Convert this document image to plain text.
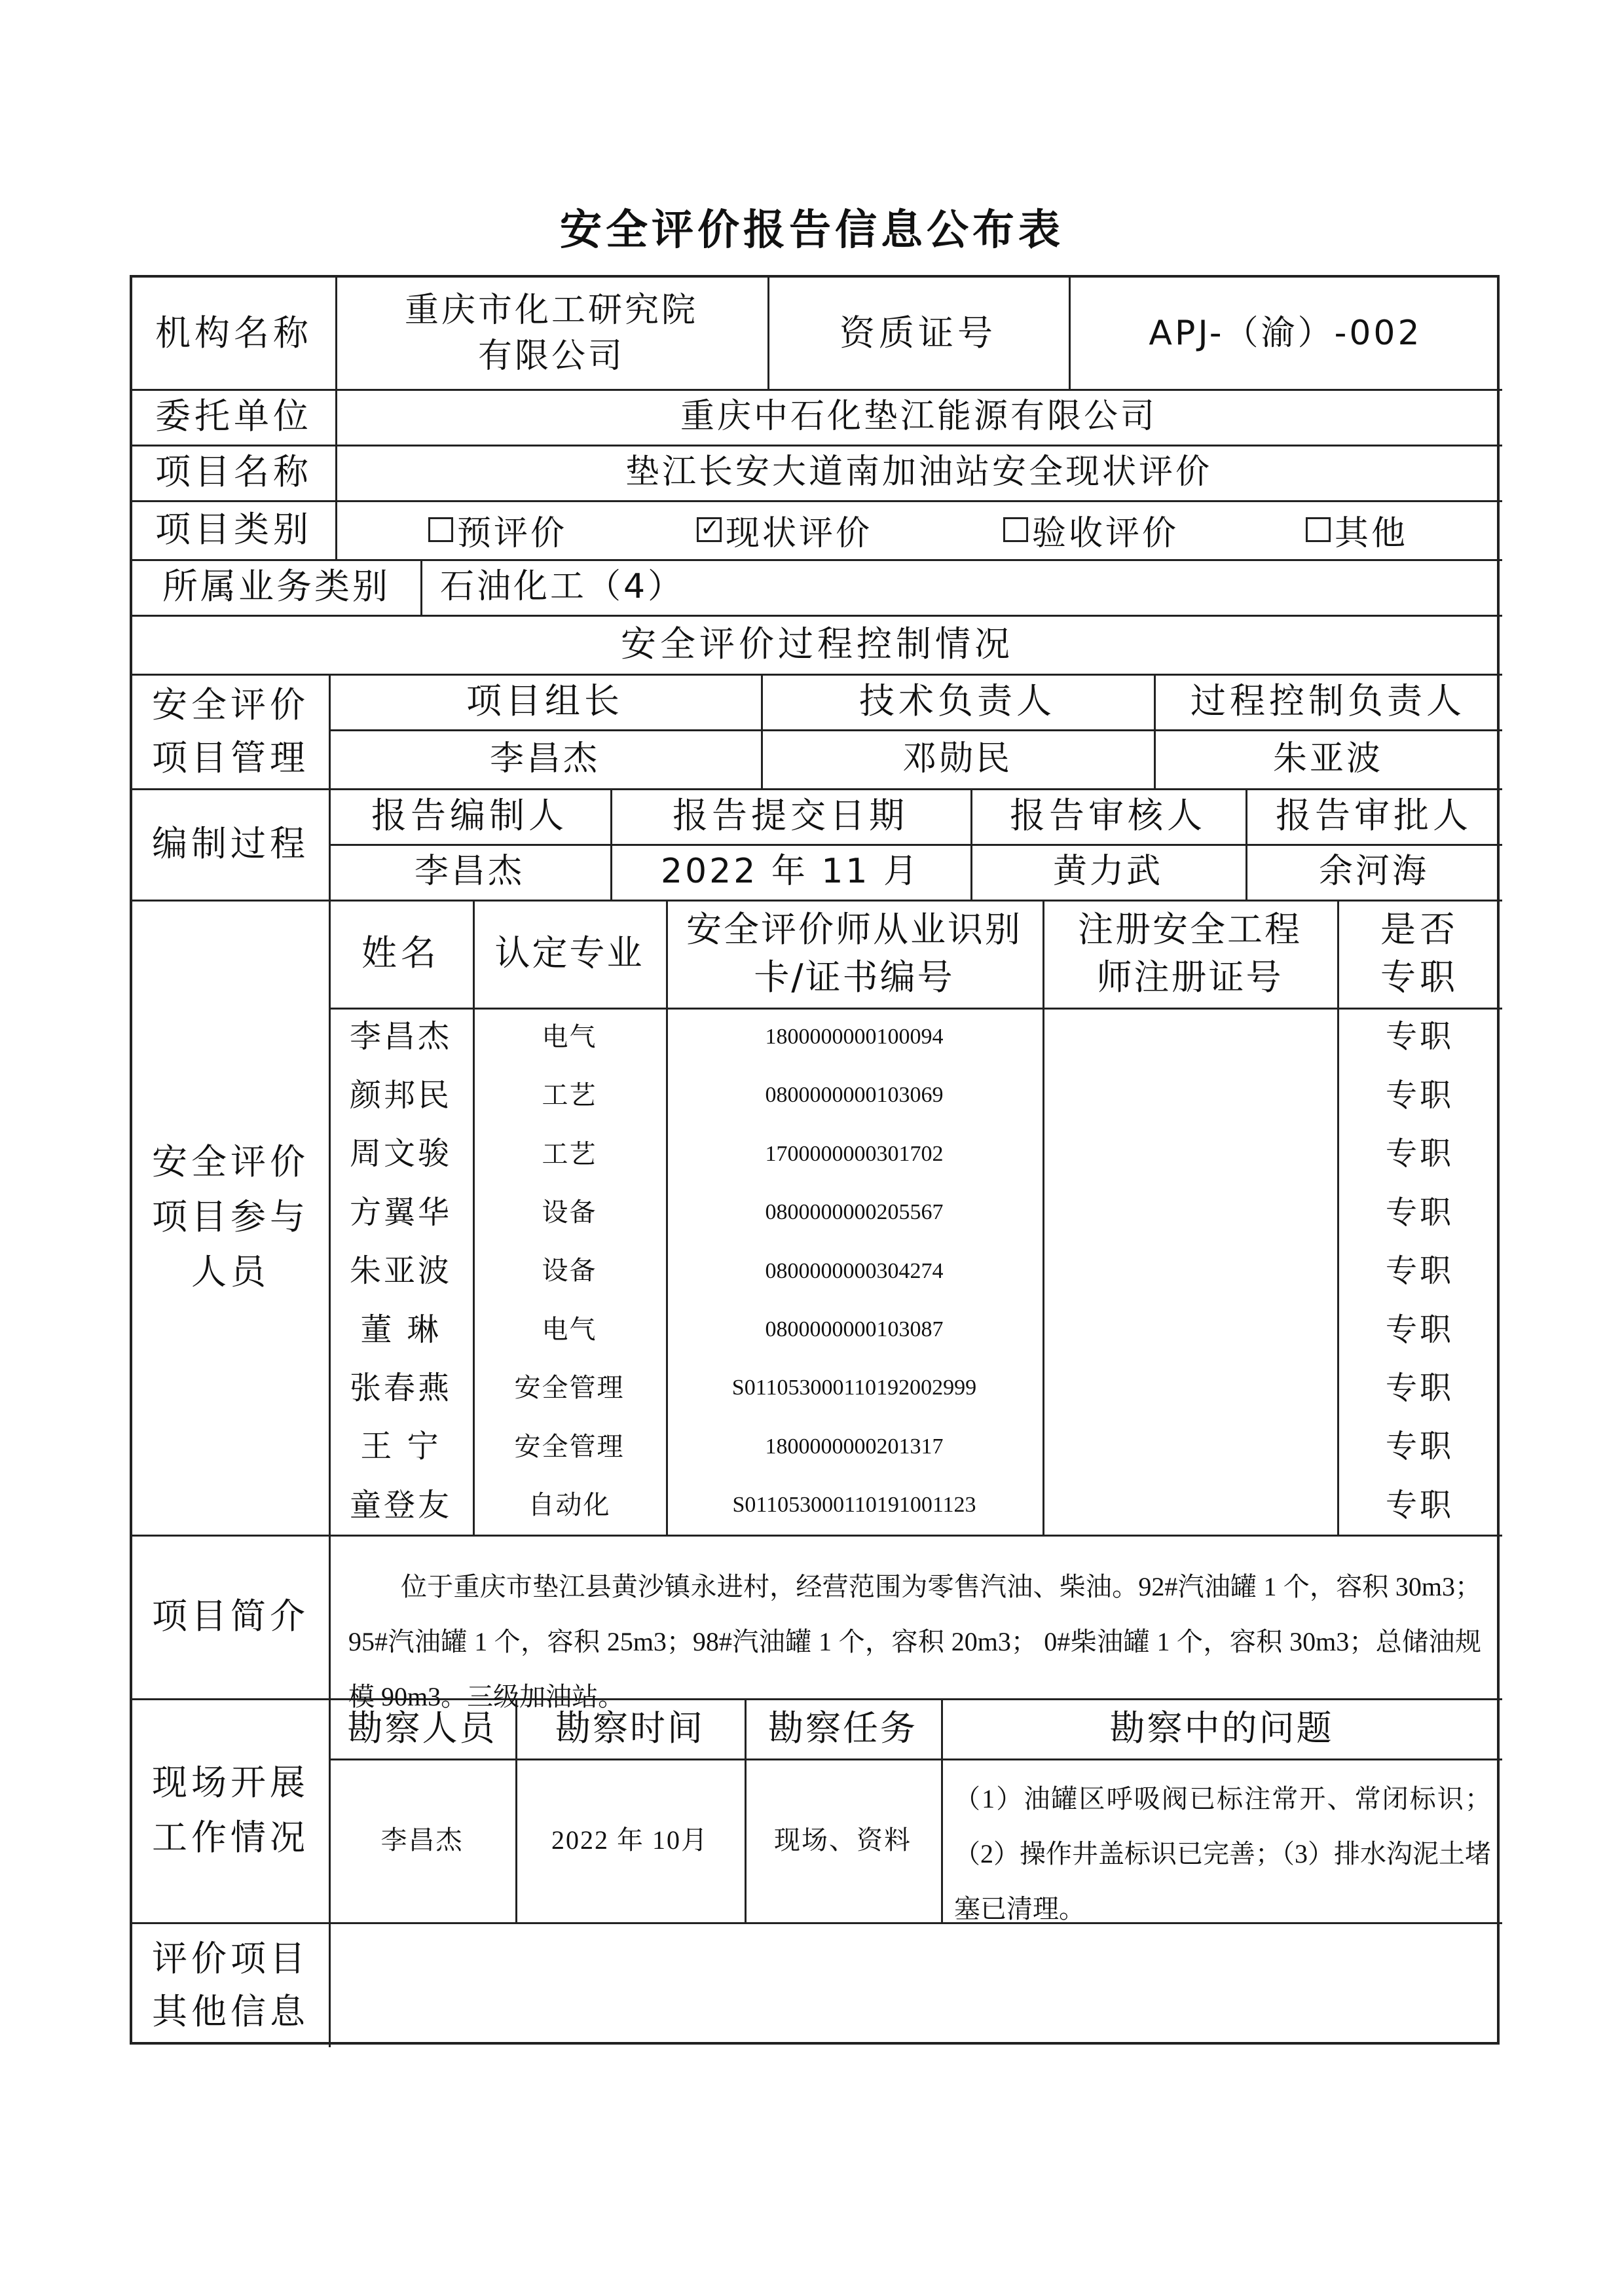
安全评价报告信息公布表
机构名称
重庆市化工研究院
有限公司
资质证号	APJ-（渝）-002
委托单位	重庆中石化垫江能源有限公司
项目名称	垫江长安大道南加油站安全现状评价
项目类别	预评价
✓	现状评价	验收评价	其他
所属业务类别	石油化工（4）
安全评价过程控制情况
安全评价
项目管理
项目组长	技术负责人	过程控制负责人
李昌杰	邓勋民	朱亚波
编制过程
报告编制人	报告提交日期	报告审核人	报告审批人
李昌杰	2022 年 11 月	黄力武	余河海
安全评价
项目参与
人员
姓名	认定专业
安全评价师从业识别
卡/证书编号
注册安全工程
师注册证号
是否
专职
李昌杰	电气	1800000000100094	专职
颜邦民	工艺	0800000000103069	专职
周文骏	工艺	1700000000301702	专职
方翼华	设备	0800000000205567	专职
朱亚波	设备	0800000000304274	专职
董 琳	电气	0800000000103087	专职
张春燕	安全管理	S011053000110192002999	专职
王 宁	安全管理	1800000000201317	专职
童登友	自动化	S011053000110191001123	专职
项目简介
位于重庆市垫江县黄沙镇永进村，经营范围为零售汽油、柴油。92#汽油罐 1 个，容积 30m3；95#汽油罐 1 个，容积 25m3；98#汽油罐 1 个，容积 20m3； 0#柴油罐 1 个，容积 30m3；总储油规模 90m3。三级加油站。
现场开展
工作情况
勘察人员	勘察时间	勘察任务	勘察中的问题
李昌杰	2022 年 10月	现场、资料
（1）油罐区呼吸阀已标注常开、常闭标识；（2）操作井盖标识已完善；（3）排水沟泥土堵塞已清理。
评价项目
其他信息
